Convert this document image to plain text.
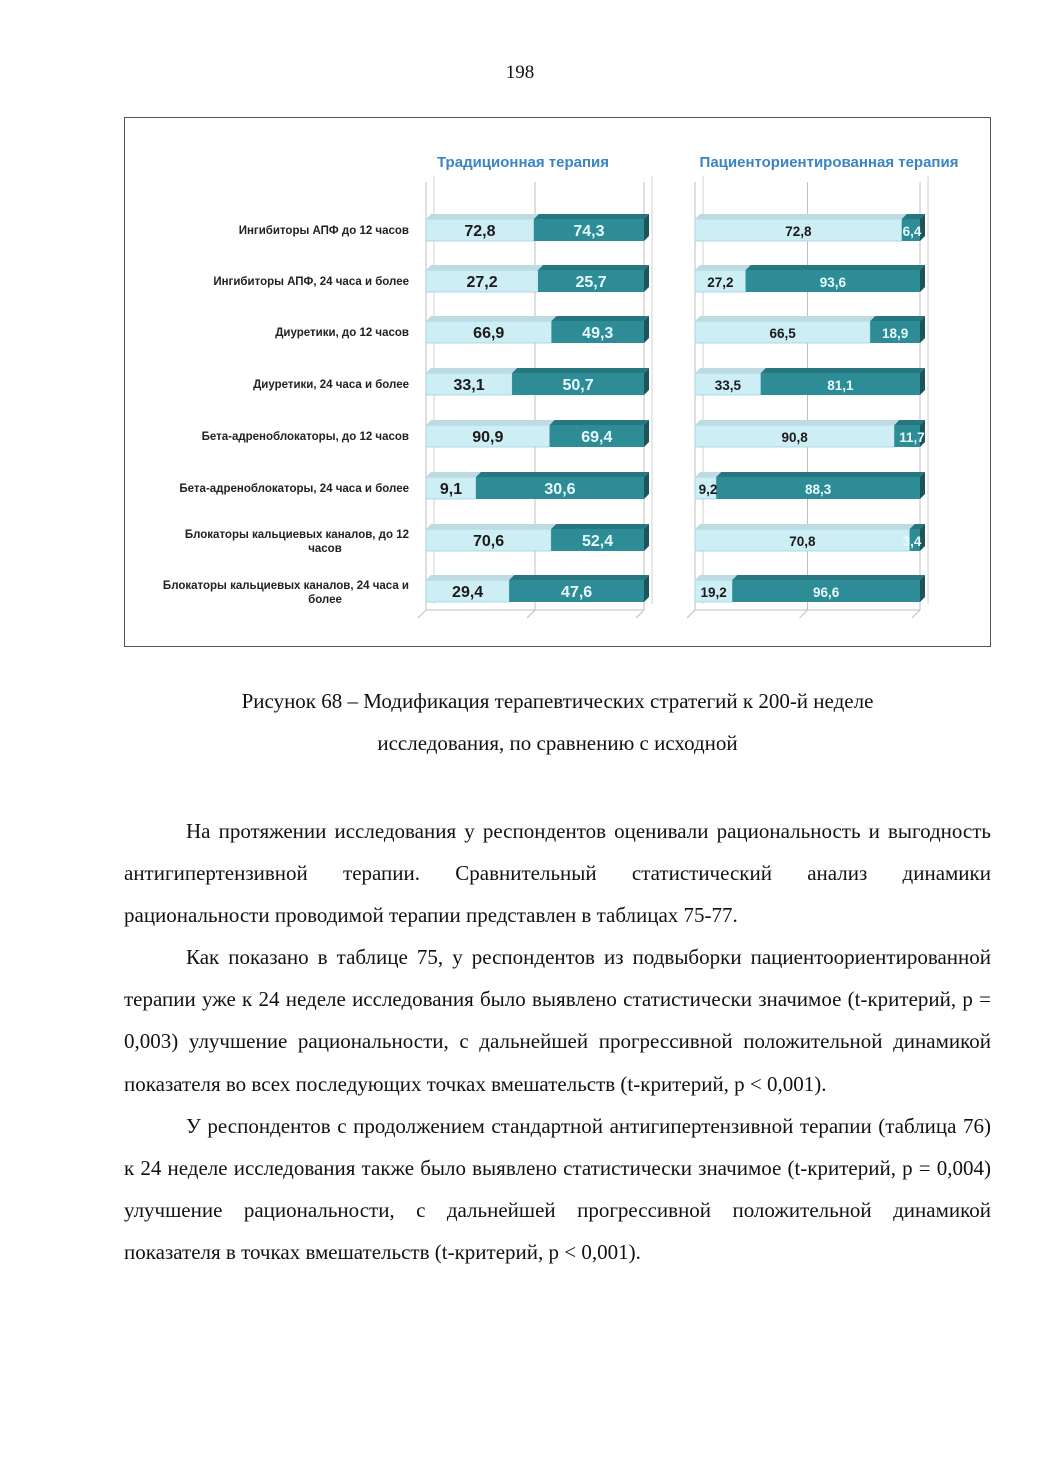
198
Ингибиторы АПФ до 12 часов
Ингибиторы АПФ, 24 часа и более
Диуретики, до 12 часов
Диуретики, 24 часа и более
Бета-адреноблокаторы, до 12 часов
Бета-адреноблокаторы, 24 часа и более
Блокаторы кальциевых каналов, до 12 часов
Блокаторы кальциевых каналов, 24 часа и более
Традиционная терапия
72,8	74,3
27,2	25,7
66,9	49,3
33,1	50,7
90,9	69,4
9,1	30,6
70,6	52,4
29,4	47,6
Пациенториентированная терапия
72,8	6,4
27,2	93,6
66,5	18,9
33,5	81,1
90,8	11,7
9,2	88,3
70,8	3,4
19,2	96,6
Рисунок 68 – Модификация терапевтических стратегий к 200-й неделе
исследования, по сравнению с исходной

На протяжении исследования у респондентов оценивали рациональность и выгодность антигипертензивной терапии. Сравнительный статистический анализ динамики рациональности проводимой терапии представлен в таблицах 75-77.

Как показано в таблице 75, у респондентов из подвыборки пациентоориентированной терапии уже к 24 неделе исследования было выявлено статистически значимое (t-критерий, p = 0,003) улучшение рациональности, с дальнейшей прогрессивной положительной динамикой показателя во всех последующих точках вмешательств (t-критерий, p < 0,001).

У респондентов с продолжением стандартной антигипертензивной терапии (таблица 76) к 24 неделе исследования также было выявлено статистически значимое (t-критерий, p = 0,004) улучшение рациональности, с дальнейшей прогрессивной положительной динамикой показателя в точках вмешательств (t-критерий, p < 0,001).
